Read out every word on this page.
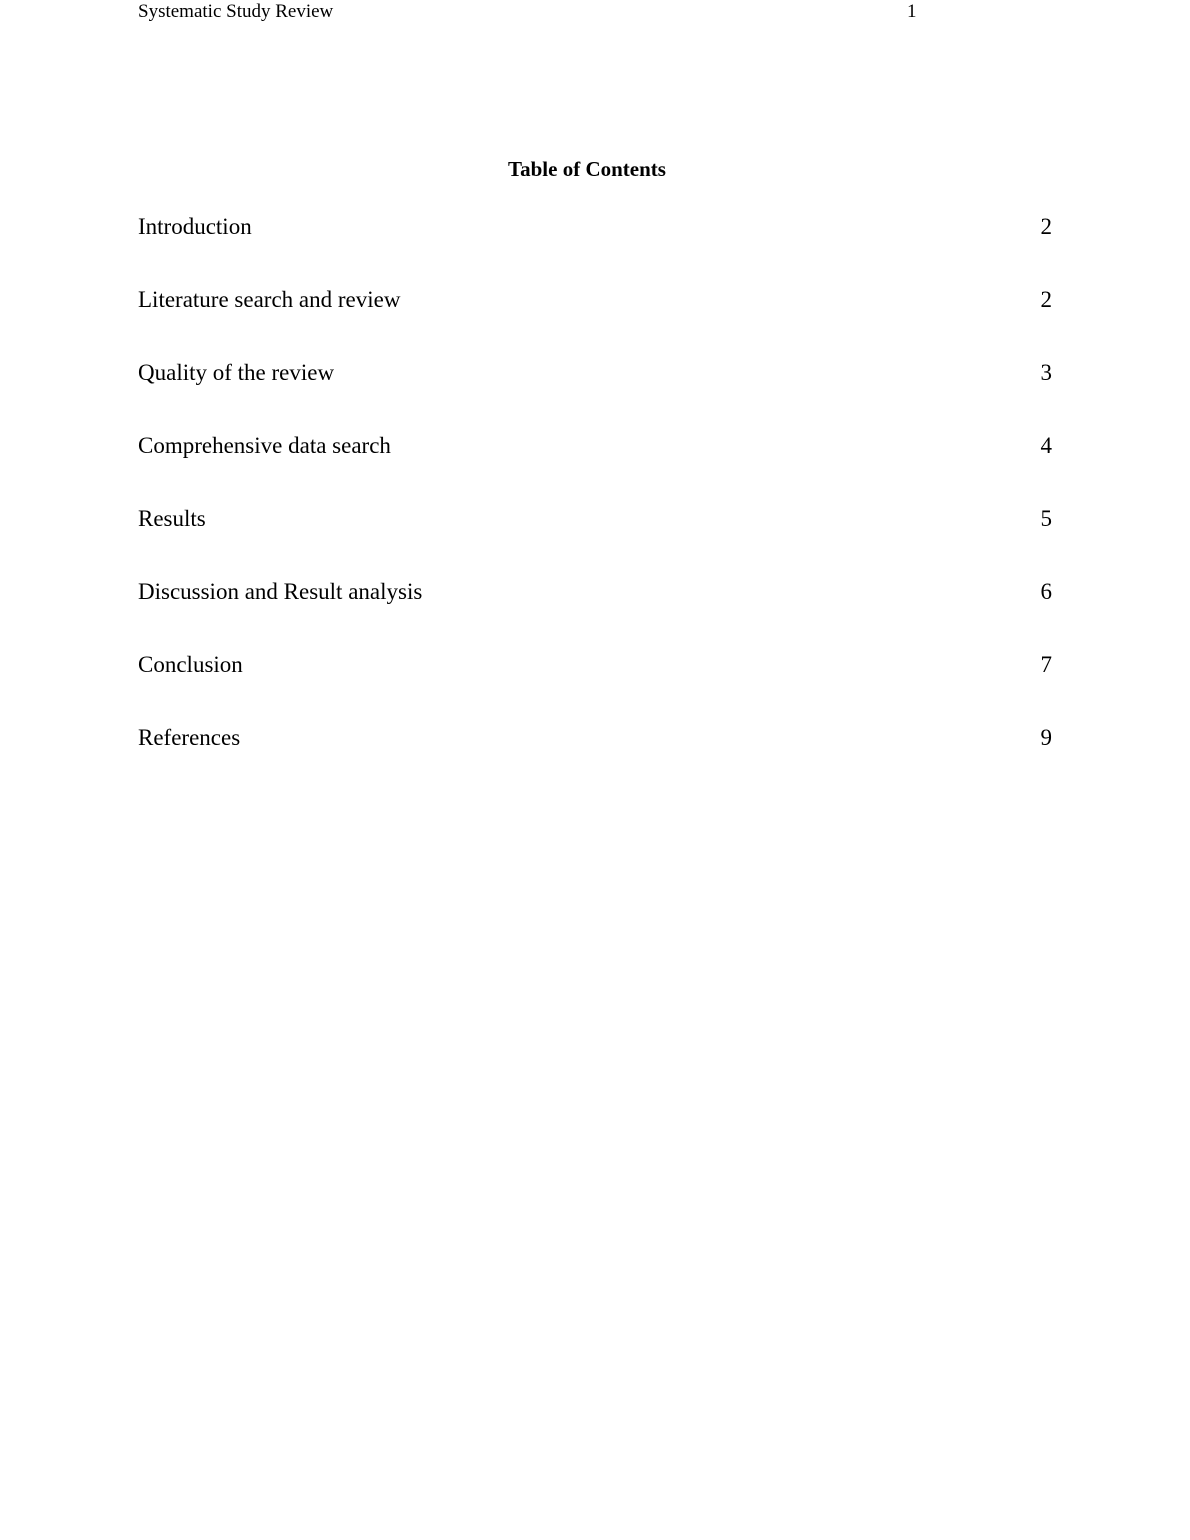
Systematic Study Review	1
Table of Contents
Introduction	2
Literature search and review	2
Quality of the review	3
Comprehensive data search	4
Results	5
Discussion and Result analysis	6
Conclusion	7
References	9
